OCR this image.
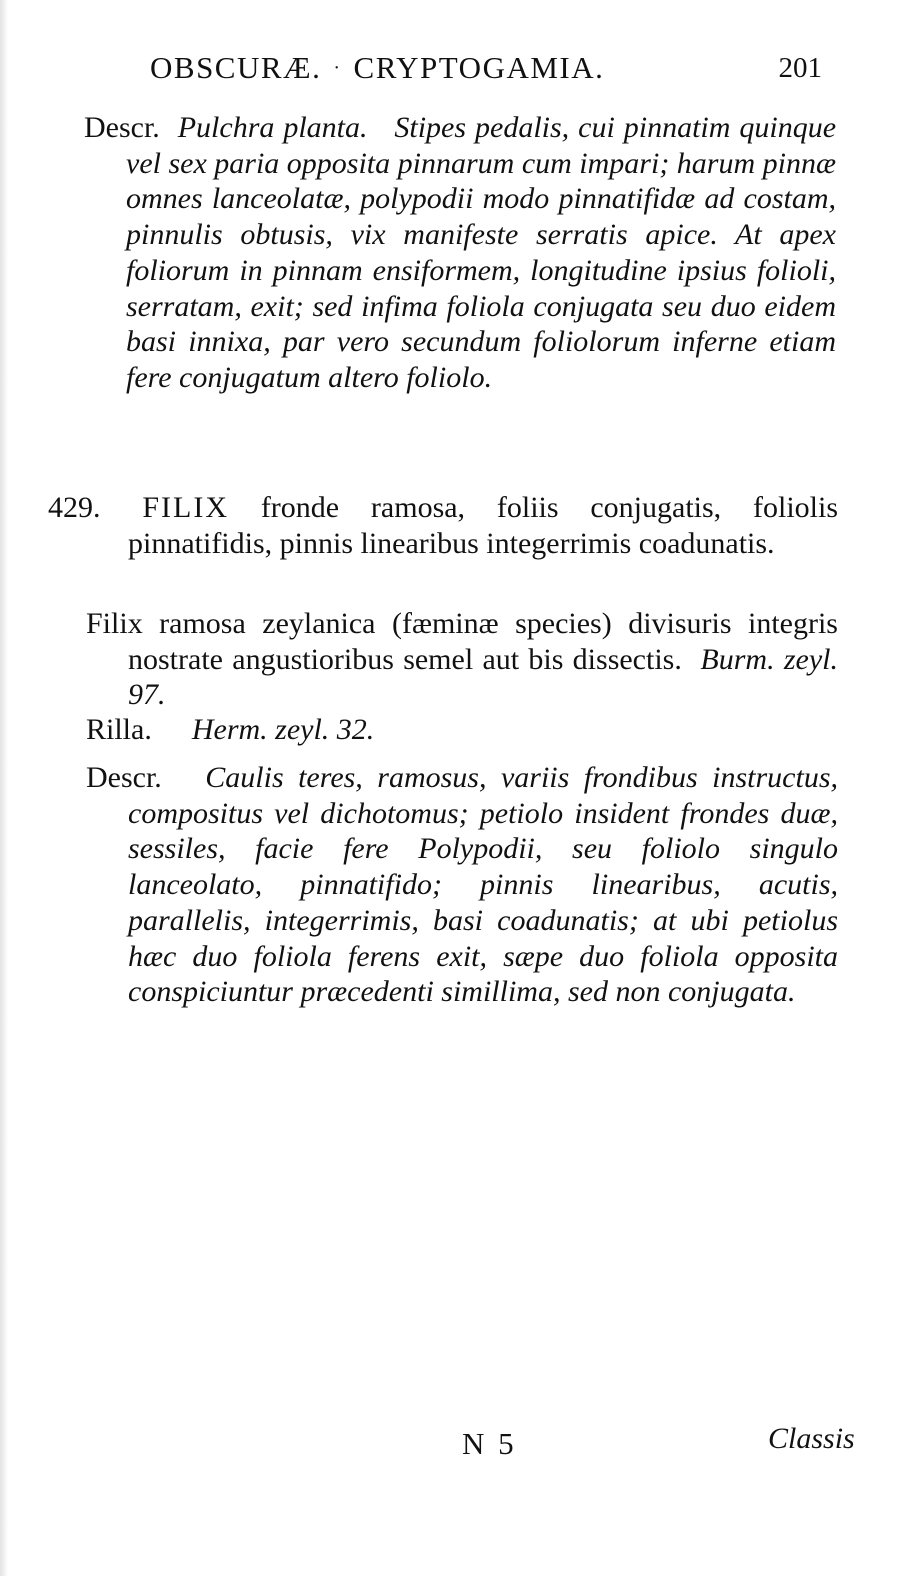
OBSCURÆ. · CRYPTOGAMIA.	201
Descr. Pulchra planta. Stipes pedalis, cui pinnatim quinque vel sex paria opposita pinnarum cum impari; harum pinnæ omnes lanceolatæ, polypodii modo pinnatifidæ ad costam, pinnulis obtusis, vix manifeste serratis apice. At apex foliorum in pinnam ensiformem, longitudine ipsius folioli, serratam, exit; sed infima foliola conjugata seu duo eidem basi innixa, par vero secundum foliolorum inferne etiam fere conjugatum altero foliolo.
429. FILIX fronde ramosa, foliis conjugatis, foliolis pinnatifidis, pinnis linearibus integerrimis coadunatis.
Filix ramosa zeylanica (fæminæ species) divisuris integris nostrate angustioribus semel aut bis dissectis. Burm. zeyl. 97.
Rilla. Herm. zeyl. 32.
Descr. Caulis teres, ramosus, variis frondibus instructus, compositus vel dichotomus; petiolo insident frondes duæ, sessiles, facie fere Polypodii, seu foliolo singulo lanceolato, pinnatifido; pinnis linearibus, acutis, parallelis, integerrimis, basi coadunatis; at ubi petiolus hæc duo foliola ferens exit, sæpe duo foliola opposita conspiciuntur præcedenti simillima, sed non conjugata.
N 5	Classis
